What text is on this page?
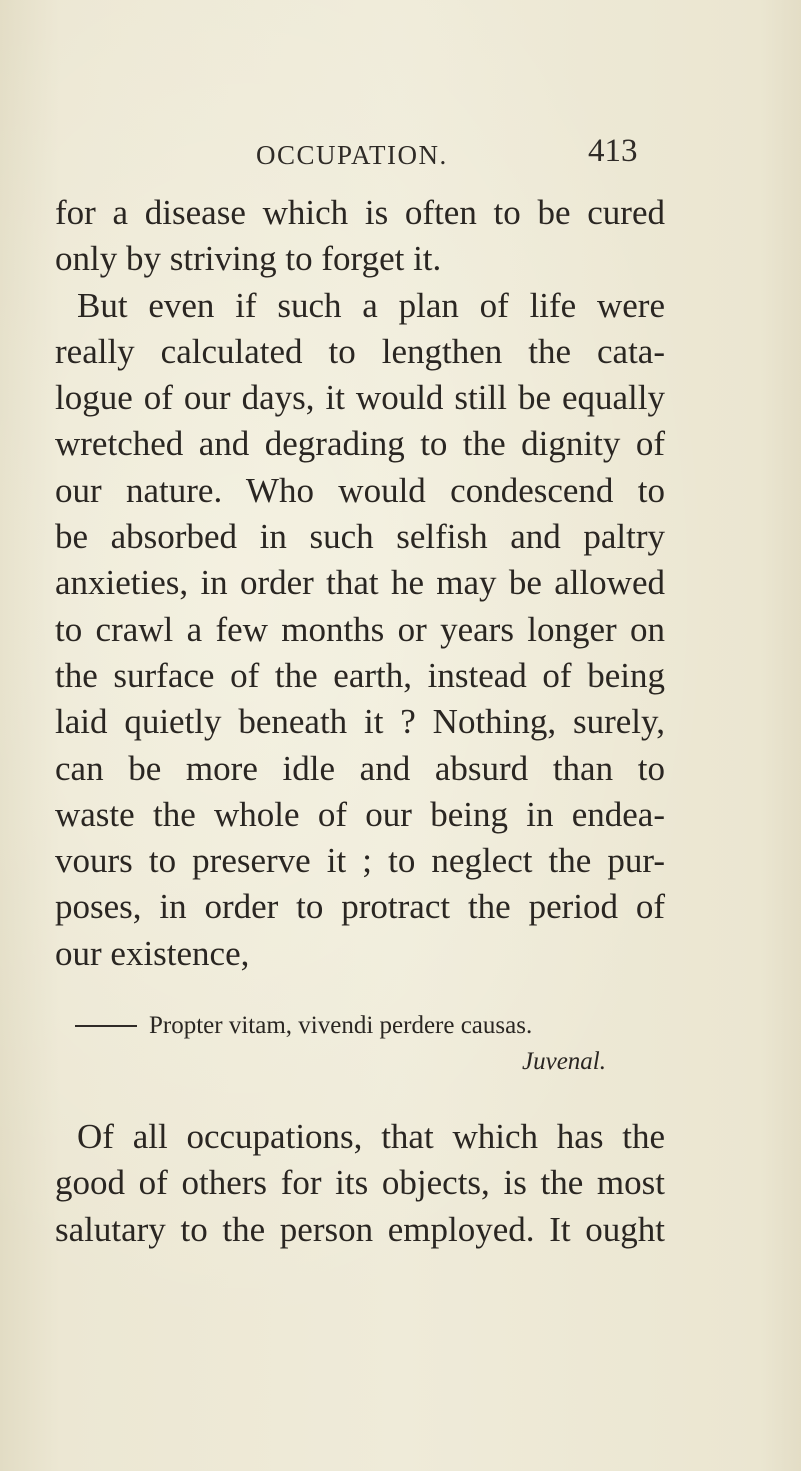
OCCUPATION.	413
for a disease which is often to be cured
only by striving to forget it.
But even if such a plan of life were
really calculated to lengthen the cata-
logue of our days, it would still be equally
wretched and degrading to the dignity of
our nature. Who would condescend to
be absorbed in such selfish and paltry
anxieties, in order that he may be allowed
to crawl a few months or years longer on
the surface of the earth, instead of being
laid quietly beneath it ? Nothing, surely,
can be more idle and absurd than to
waste the whole of our being in endea-
vours to preserve it ; to neglect the pur-
poses, in order to protract the period of
our existence,
Propter vitam, vivendi perdere causas.
Juvenal.
Of all occupations, that which has the
good of others for its objects, is the most
salutary to the person employed. It ought
